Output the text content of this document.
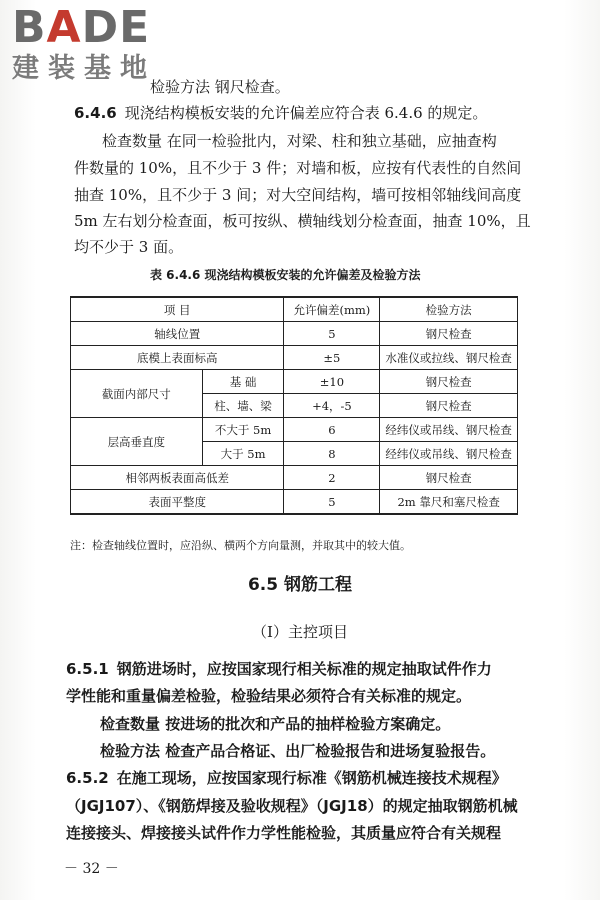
BADE
建装基地
检验方法 钢尺检查。
6.4.6 现浇结构模板安装的允许偏差应符合表 6.4.6 的规定。
检查数量 在同一检验批内，对梁、柱和独立基础，应抽查构
件数量的 10%，且不少于 3 件；对墙和板，应按有代表性的自然间
抽查 10%，且不少于 3 间；对大空间结构，墙可按相邻轴线间高度
5m 左右划分检查面，板可按纵、横轴线划分检查面，抽查 10%，且
均不少于 3 面。
表 6.4.6 现浇结构模板安装的允许偏差及检验方法
项 目		允许偏差(mm)	检验方法
轴线位置		5	钢尺检查
底模上表面标高		±5	水准仪或拉线、钢尺检查
截面内部尺寸	基 础	±10	钢尺检查
	柱、墙、梁	+4，-5	钢尺检查
层高垂直度	不大于 5m	6	经纬仪或吊线、钢尺检查
	大于 5m	8	经纬仪或吊线、钢尺检查
相邻两板表面高低差		2	钢尺检查
表面平整度		5	2m 靠尺和塞尺检查
注：检查轴线位置时，应沿纵、横两个方向量测，并取其中的较大值。
6.5 钢筋工程
（Ⅰ）主控项目
6.5.1 钢筋进场时，应按国家现行相关标准的规定抽取试件作力
学性能和重量偏差检验，检验结果必须符合有关标准的规定。
检查数量 按进场的批次和产品的抽样检验方案确定。
检验方法 检查产品合格证、出厂检验报告和进场复验报告。
6.5.2 在施工现场，应按国家现行标准《钢筋机械连接技术规程》
（JGJ107）、《钢筋焊接及验收规程》（JGJ18）的规定抽取钢筋机械
连接接头、焊接接头试件作力学性能检验，其质量应符合有关规程
－ 32 －
